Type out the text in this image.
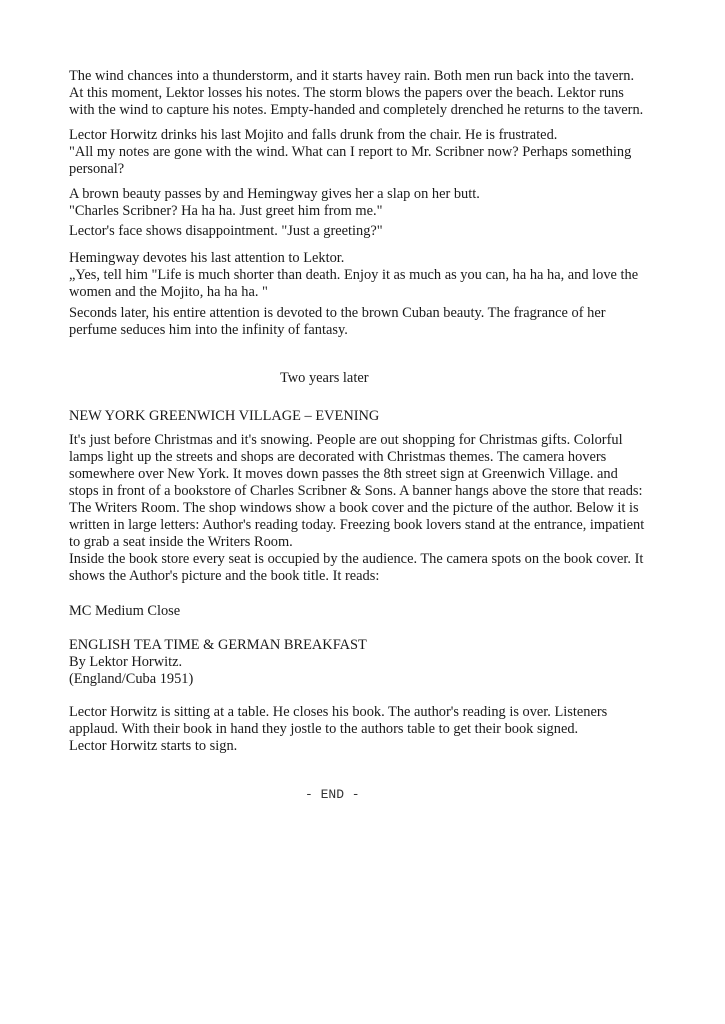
The wind chances into a thunderstorm, and it starts havey rain. Both men run back into the tavern.
At this moment, Lektor losses his notes. The storm blows the papers over the beach. Lektor runs
with the wind to capture his notes. Empty-handed and completely drenched he returns to the tavern.
Lector Horwitz drinks his last Mojito and falls drunk from the chair. He is frustrated.
"All my notes are gone with the wind. What can I report to Mr. Scribner now? Perhaps something
personal?
A brown beauty passes by and Hemingway gives her a slap on her butt.
"Charles Scribner? Ha ha ha. Just greet him from me."
Lector's face shows disappointment. "Just a greeting?"
Hemingway devotes his last attention to Lektor.
„Yes, tell him "Life is much shorter than death. Enjoy it as much as you can, ha ha ha, and love the
women and the Mojito, ha ha ha. "
Seconds later, his entire attention is devoted to the brown Cuban beauty. The fragrance of her
perfume seduces him into the infinity of fantasy.
Two years later
NEW YORK GREENWICH VILLAGE – EVENING
It's just before Christmas and it's snowing. People are out shopping for Christmas gifts. Colorful
lamps light up the streets and shops are decorated with Christmas themes. The camera hovers
somewhere over New York. It moves down passes the 8th street sign at Greenwich Village. and
stops in front of a bookstore of Charles Scribner & Sons. A banner hangs above the store that reads:
The Writers Room. The shop windows show a book cover and the picture of the author. Below it is
written in large letters: Author's reading today. Freezing book lovers stand at the entrance, impatient
to grab a seat inside the Writers Room.
Inside the book store every seat is occupied by the audience. The camera spots on the book cover. It
shows the Author's picture and the book title. It reads:
MC Medium Close
ENGLISH TEA TIME & GERMAN BREAKFAST
By Lektor Horwitz.
(England/Cuba 1951)
Lector Horwitz is sitting at a table. He closes his book. The author's reading is over. Listeners
applaud. With their book in hand they jostle to the authors table to get their book signed.
Lector Horwitz starts to sign.
- END -
